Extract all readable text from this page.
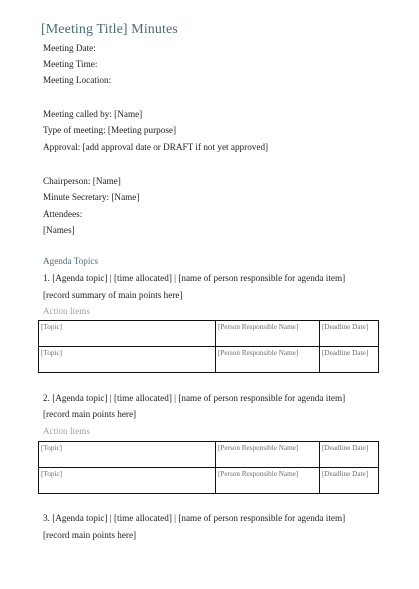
[Meeting Title] Minutes
Meeting Date:
Meeting Time:
Meeting Location:
Meeting called by: [Name]
Type of meeting: [Meeting purpose]
Approval: [add approval date or DRAFT if not yet approved]
Chairperson: [Name]
Minute Secretary: [Name]
Attendees:
[Names]
Agenda Topics
1. [Agenda topic] | [time allocated] | [name of person responsible for agenda item]
[record summary of main points here]
Action Items
[Topic]	[Person Responsible Name]	[Deadline Date]
[Topic]	[Person Responsible Name]	[Deadline Date]
2. [Agenda topic] | [time allocated] | [name of person responsible for agenda item]
[record main points here]
Action Items
[Topic]	[Person Responsible Name]	[Deadline Date]
[Topic]	[Person Responsible Name]	[Deadline Date]
3. [Agenda topic] | [time allocated] | [name of person responsible for agenda item]
[record main points here]
